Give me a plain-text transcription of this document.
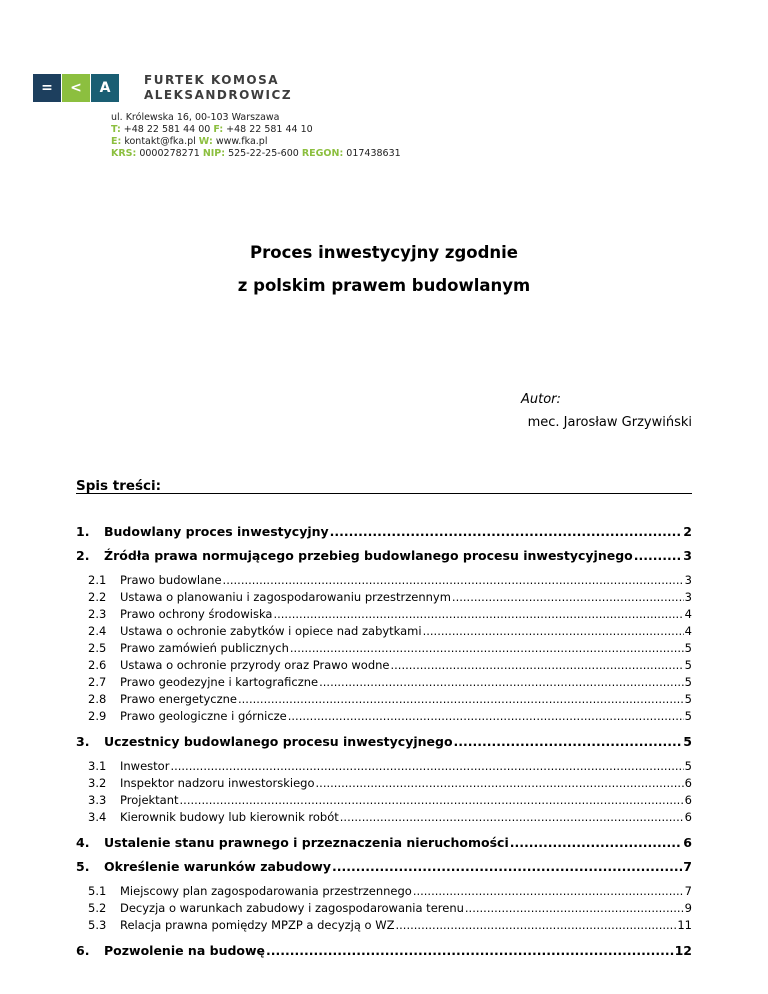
=	<	A	FURTEK KOMOSA
ALEKSANDROWICZ
ul. Królewska 16, 00-103 Warszawa
T: +48 22 581 44 00 F: +48 22 581 44 10
E: kontakt@fka.pl W: www.fka.pl
KRS: 0000278271 NIP: 525-22-25-600 REGON: 017438631
Proces inwestycyjny zgodnie
z polskim prawem budowlanym
Autor:
mec. Jarosław Grzywiński
Spis treści:
1.	Budowlany proces inwestycyjny .....	2
2.	Źródła prawa normującego przebieg budowlanego procesu inwestycyjnego .....	3
2.1	Prawo budowlane .....	3
2.2	Ustawa o planowaniu i zagospodarowaniu przestrzennym .....	3
2.3	Prawo ochrony środowiska .....	4
2.4	Ustawa o ochronie zabytków i opiece nad zabytkami .....	4
2.5	Prawo zamówień publicznych .....	5
2.6	Ustawa o ochronie przyrody oraz Prawo wodne .....	5
2.7	Prawo geodezyjne i kartograficzne .....	5
2.8	Prawo energetyczne .....	5
2.9	Prawo geologiczne i górnicze .....	5
3.	Uczestnicy budowlanego procesu inwestycyjnego .....	5
3.1	Inwestor .....	5
3.2	Inspektor nadzoru inwestorskiego .....	6
3.3	Projektant .....	6
3.4	Kierownik budowy lub kierownik robót .....	6
4.	Ustalenie stanu prawnego i przeznaczenia nieruchomości .....	6
5.	Określenie warunków zabudowy .....	7
5.1	Miejscowy plan zagospodarowania przestrzennego .....	7
5.2	Decyzja o warunkach zabudowy i zagospodarowania terenu .....	9
5.3	Relacja prawna pomiędzy MPZP a decyzją o WZ .....	11
6.	Pozwolenie na budowę .....	12
